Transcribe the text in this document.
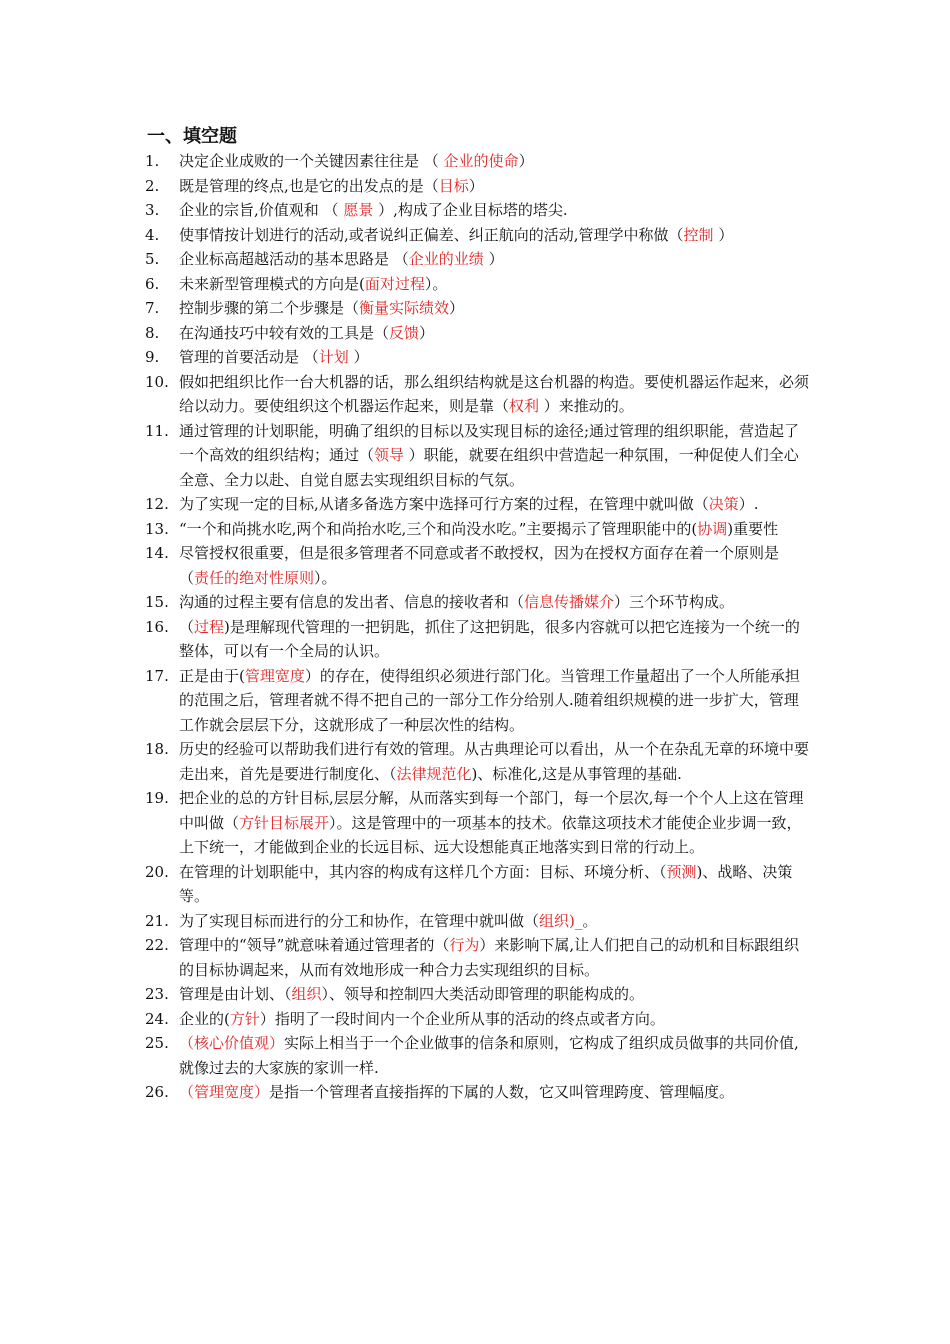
一、填空题
1.	决定企业成败的一个关键因素往往是 （ 企业的使命）
2.	既是管理的终点,也是它的出发点的是（目标）
3.	企业的宗旨,价值观和 （ 愿景 ）,构成了企业目标塔的塔尖.
4.	使事情按计划进行的活动,或者说纠正偏差、纠正航向的活动,管理学中称做（控制 ）
5.	企业标高超越活动的基本思路是 （企业的业绩 ）
6.	未来新型管理模式的方向是(面对过程）。
7.	控制步骤的第二个步骤是（衡量实际绩效）
8.	在沟通技巧中较有效的工具是（反馈）
9.	管理的首要活动是 （计划 ）
10. 假如把组织比作一台大机器的话，那么组织结构就是这台机器的构造。要使机器运作起来，必须给以动力。要使组织这个机器运作起来，则是靠（权利 ）来推动的。
11. 通过管理的计划职能，明确了组织的目标以及实现目标的途径;通过管理的组织职能，营造起了一个高效的组织结构；通过（领导 ）职能，就要在组织中营造起一种氛围，一种促使人们全心全意、全力以赴、自觉自愿去实现组织目标的气氛。
12. 为了实现一定的目标,从诸多备选方案中选择可行方案的过程，在管理中就叫做（决策）.
13. “一个和尚挑水吃,两个和尚抬水吃,三个和尚没水吃。”主要揭示了管理职能中的(协调)重要性
14. 尽管授权很重要，但是很多管理者不同意或者不敢授权，因为在授权方面存在着一个原则是（责任的绝对性原则）。
15. 沟通的过程主要有信息的发出者、信息的接收者和（信息传播媒介）三个环节构成。
16. （过程)是理解现代管理的一把钥匙，抓住了这把钥匙，很多内容就可以把它连接为一个统一的整体，可以有一个全局的认识。
17. 正是由于(管理宽度）的存在，使得组织必须进行部门化。当管理工作量超出了一个人所能承担的范围之后，管理者就不得不把自己的一部分工作分给别人.随着组织规模的进一步扩大，管理工作就会层层下分，这就形成了一种层次性的结构。
18. 历史的经验可以帮助我们进行有效的管理。从古典理论可以看出，从一个在杂乱无章的环境中要走出来，首先是要进行制度化、（法律规范化)、标准化,这是从事管理的基础.
19. 把企业的总的方针目标,层层分解，从而落实到每一个部门，每一个层次,每一个个人上这在管理中叫做（方针目标展开）。这是管理中的一项基本的技术。依靠这项技术才能使企业步调一致，上下统一，才能做到企业的长远目标、远大设想能真正地落实到日常的行动上。
20. 在管理的计划职能中，其内容的构成有这样几个方面：目标、环境分析、（预测)、战略、决策等。
21. 为了实现目标而进行的分工和协作，在管理中就叫做（组织)_。
22. 管理中的“领导”就意味着通过管理者的（行为）来影响下属,让人们把自己的动机和目标跟组织的目标协调起来，从而有效地形成一种合力去实现组织的目标。
23. 管理是由计划、（组织）、领导和控制四大类活动即管理的职能构成的。
24. 企业的(方针）指明了一段时间内一个企业所从事的活动的终点或者方向。
25. （核心价值观）实际上相当于一个企业做事的信条和原则，它构成了组织成员做事的共同价值,就像过去的大家族的家训一样.
26. （管理宽度）是指一个管理者直接指挥的下属的人数，它又叫管理跨度、管理幅度。
